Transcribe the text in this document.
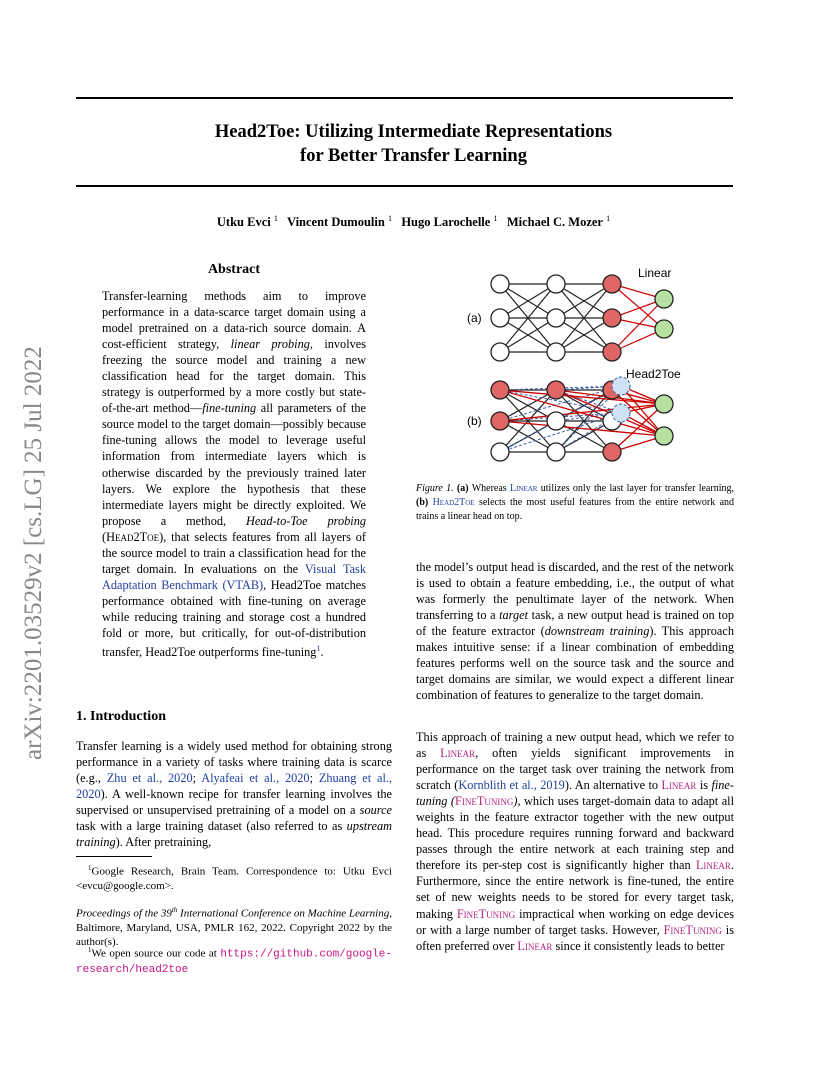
Head2Toe: Utilizing Intermediate Representations
for Better Transfer Learning
Utku Evci $^1$ Vincent Dumoulin $^1$ Hugo Larochelle $^1$ Michael C. Mozer $^1$
arXiv:2201.03529v2 [cs.LG] 25 Jul 2022
Abstract
Transfer-learning methods aim to improve performance in a data-scarce target domain using a model pretrained on a data-rich source domain. A cost-efficient strategy, linear probing, involves freezing the source model and training a new classification head for the target domain. This strategy is outperformed by a more costly but state-of-the-art method—fine-tuning all parameters of the source model to the target domain—possibly because fine-tuning allows the model to leverage useful information from intermediate layers which is otherwise discarded by the previously trained later layers. We explore the hypothesis that these intermediate layers might be directly exploited. We propose a method, Head-to-Toe probing (Head2Toe), that selects features from all layers of the source model to train a classification head for the target domain. In evaluations on the Visual Task Adaptation Benchmark (VTAB), Head2Toe matches performance obtained with fine-tuning on average while reducing training and storage cost a hundred fold or more, but critically, for out-of-distribution transfer, Head2Toe outperforms fine-tuning$^1$.
1. Introduction
Transfer learning is a widely used method for obtaining strong performance in a variety of tasks where training data is scarce (e.g., Zhu et al., 2020; Alyafeai et al., 2020; Zhuang et al., 2020). A well-known recipe for transfer learning involves the supervised or unsupervised pretraining of a model on a source task with a large training dataset (also referred to as upstream training). After pretraining,
$^1$Google Research, Brain Team. Correspondence to: Utku Evci <evcu@google.com>.
Proceedings of the 39th International Conference on Machine Learning, Baltimore, Maryland, USA, PMLR 162, 2022. Copyright 2022 by the author(s).
$^1$We open source our code at https://github.com/google-research/head2toe
Linear
Head2Toe
(a)
(b)
Figure 1. (a) Whereas Linear utilizes only the last layer for transfer learning, (b) Head2Toe selects the most useful features from the entire network and trains a linear head on top.
the model’s output head is discarded, and the rest of the network is used to obtain a feature embedding, i.e., the output of what was formerly the penultimate layer of the network. When transferring to a target task, a new output head is trained on top of the feature extractor (downstream training). This approach makes intuitive sense: if a linear combination of embedding features performs well on the source task and the source and target domains are similar, we would expect a different linear combination of features to generalize to the target domain.
This approach of training a new output head, which we refer to as Linear, often yields significant improvements in performance on the target task over training the network from scratch (Kornblith et al., 2019). An alternative to Linear is fine-tuning (FineTuning), which uses target-domain data to adapt all weights in the feature extractor together with the new output head. This procedure requires running forward and backward passes through the entire network at each training step and therefore its per-step cost is significantly higher than Linear. Furthermore, since the entire network is fine-tuned, the entire set of new weights needs to be stored for every target task, making FineTuning impractical when working on edge devices or with a large number of target tasks. However, FineTuning is often preferred over Linear since it consistently leads to better
